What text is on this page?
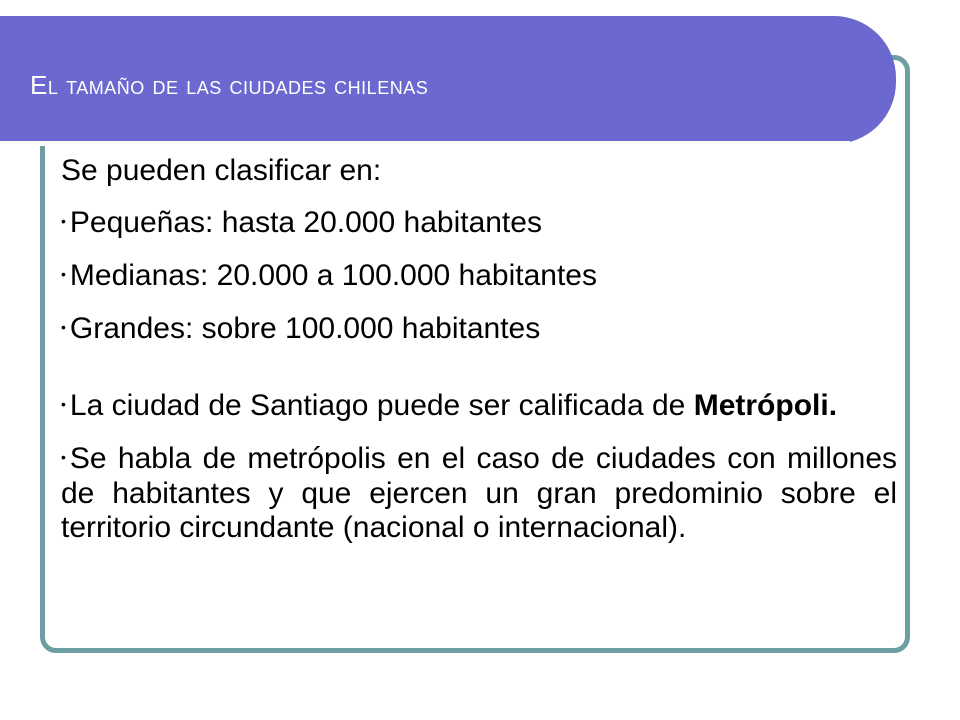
El tamaño de las ciudades chilenas
Se pueden clasificar en:
• Pequeñas: hasta 20.000 habitantes
• Medianas: 20.000 a 100.000 habitantes
• Grandes: sobre 100.000 habitantes
• La ciudad de Santiago puede ser calificada de Metrópoli.
• Se habla de metrópolis en el caso de ciudades con millones de habitantes y que ejercen un gran predominio sobre el territorio circundante (nacional o internacional).
